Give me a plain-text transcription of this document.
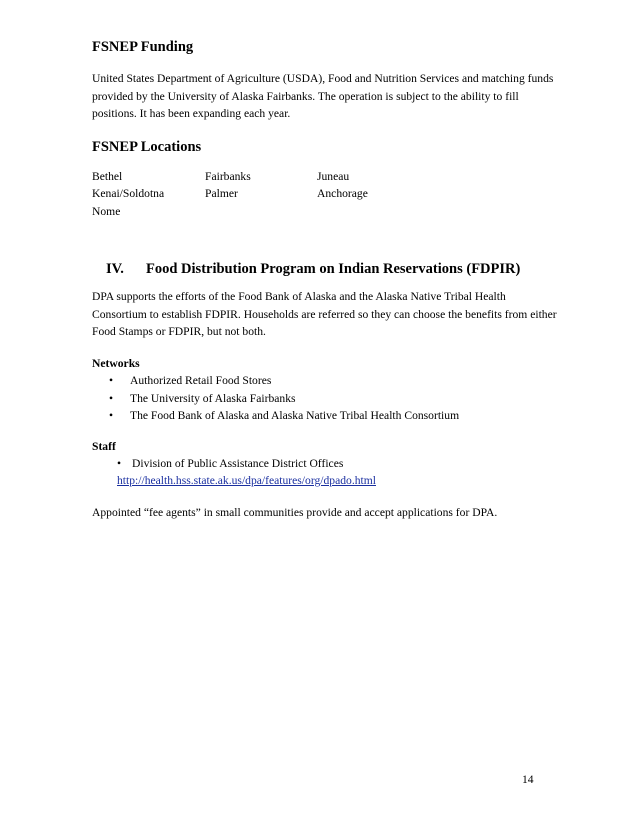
FSNEP Funding

United States Department of Agriculture (USDA), Food and Nutrition Services and matching funds provided by the University of Alaska Fairbanks. The operation is subject to the ability to fill positions. It has been expanding each year.

FSNEP Locations
Bethel	Fairbanks	Juneau
Kenai/Soldotna	Palmer	Anchorage
Nome
IV. Food Distribution Program on Indian Reservations (FDPIR)

DPA supports the efforts of the Food Bank of Alaska and the Alaska Native Tribal Health Consortium to establish FDPIR. Households are referred so they can choose the benefits from either Food Stamps or FDPIR, but not both.

Networks

• Authorized Retail Food Stores
• The University of Alaska Fairbanks
• The Food Bank of Alaska and Alaska Native Tribal Health Consortium

Staff

• Division of Public Assistance District Offices
http://health.hss.state.ak.us/dpa/features/org/dpado.html

Appointed “fee agents” in small communities provide and accept applications for DPA.

14
